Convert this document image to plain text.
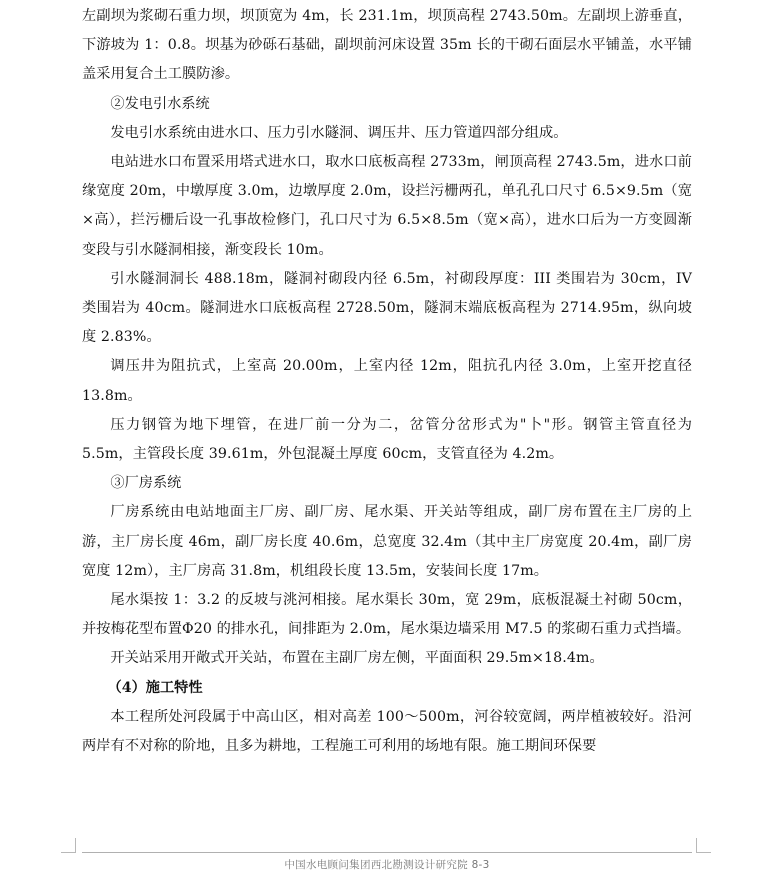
左副坝为浆砌石重力坝，坝顶宽为 4m，长 231.1m，坝顶高程 2743.50m。左副坝上游垂直，下游坡为 1：0.8。坝基为砂砾石基础，副坝前河床设置 35m 长的干砌石面层水平铺盖，水平铺盖采用复合土工膜防渗。

②发电引水系统

发电引水系统由进水口、压力引水隧洞、调压井、压力管道四部分组成。

电站进水口布置采用塔式进水口，取水口底板高程 2733m，闸顶高程 2743.5m，进水口前缘宽度 20m，中墩厚度 3.0m，边墩厚度 2.0m，设拦污栅两孔，单孔孔口尺寸 6.5×9.5m（宽×高），拦污栅后设一孔事故检修门，孔口尺寸为 6.5×8.5m（宽×高），进水口后为一方变圆渐变段与引水隧洞相接，渐变段长 10m。

引水隧洞洞长 488.18m，隧洞衬砌段内径 6.5m，衬砌段厚度：III 类围岩为 30cm，IV 类围岩为 40cm。隧洞进水口底板高程 2728.50m，隧洞末端底板高程为 2714.95m，纵向坡度 2.83%。

调压井为阻抗式，上室高 20.00m，上室内径 12m，阻抗孔内径 3.0m，上室开挖直径 13.8m。

压力钢管为地下埋管，在进厂前一分为二，岔管分岔形式为"卜"形。钢管主管直径为 5.5m，主管段长度 39.61m，外包混凝土厚度 60cm，支管直径为 4.2m。

③厂房系统

厂房系统由电站地面主厂房、副厂房、尾水渠、开关站等组成，副厂房布置在主厂房的上游，主厂房长度 46m，副厂房长度 40.6m，总宽度 32.4m（其中主厂房宽度 20.4m，副厂房宽度 12m），主厂房高 31.8m，机组段长度 13.5m，安装间长度 17m。

尾水渠按 1：3.2 的反坡与洮河相接。尾水渠长 30m，宽 29m，底板混凝土衬砌 50cm，并按梅花型布置Φ20 的排水孔，间排距为 2.0m，尾水渠边墙采用 M7.5 的浆砌石重力式挡墙。

开关站采用开敞式开关站，布置在主副厂房左侧，平面面积 29.5m×18.4m。

（4）施工特性

本工程所处河段属于中高山区，相对高差 100～500m，河谷较宽阔，两岸植被较好。沿河两岸有不对称的阶地，且多为耕地，工程施工可利用的场地有限。施工期间环保要

中国水电顾问集团西北勘测设计研究院 8-3
